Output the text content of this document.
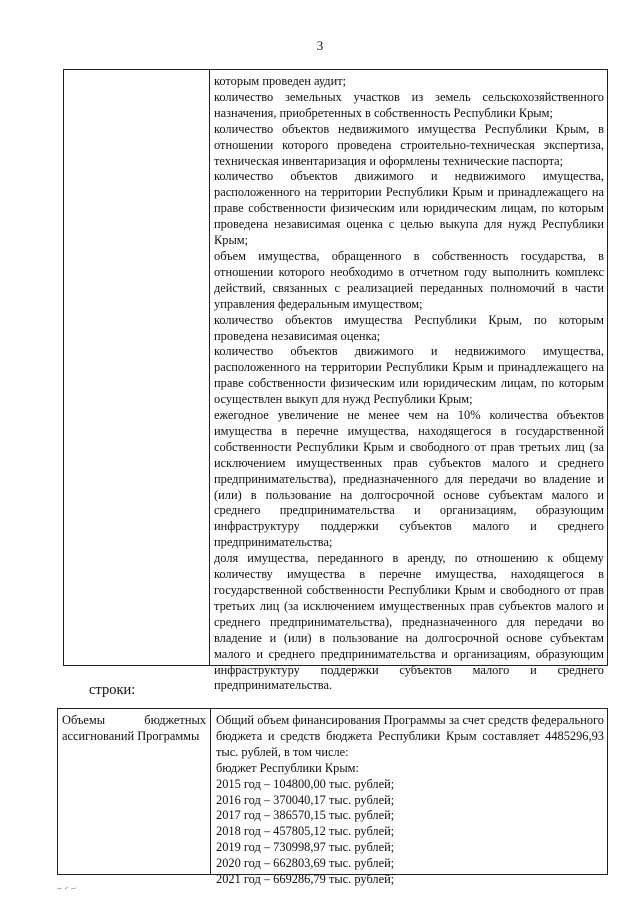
3
которым проведен аудит;
количество земельных участков из земель сельскохозяйственного назначения, приобретенных в собственность Республики Крым;
количество объектов недвижимого имущества Республики Крым, в отношении которого проведена строительно-техническая экспертиза, техническая инвентаризация и оформлены технические паспорта;
количество объектов движимого и недвижимого имущества, расположенного на территории Республики Крым и принадлежащего на праве собственности физическим или юридическим лицам, по которым проведена независимая оценка с целью выкупа для нужд Республики Крым;
объем имущества, обращенного в собственность государства, в отношении которого необходимо в отчетном году выполнить комплекс действий, связанных с реализацией переданных полномочий в части управления федеральным имуществом;
количество объектов имущества Республики Крым, по которым проведена независимая оценка;
количество объектов движимого и недвижимого имущества, расположенного на территории Республики Крым и принадлежащего на праве собственности физическим или юридическим лицам, по которым осуществлен выкуп для нужд Республики Крым;
ежегодное увеличение не менее чем на 10% количества объектов имущества в перечне имущества, находящегося в государственной собственности Республики Крым и свободного от прав третьих лиц (за исключением имущественных прав субъектов малого и среднего предпринимательства), предназначенного для передачи во владение и (или) в пользование на долгосрочной основе субъектам малого и среднего предпринимательства и организациям, образующим инфраструктуру поддержки субъектов малого и среднего предпринимательства;
доля имущества, переданного в аренду, по отношению к общему количеству имущества в перечне имущества, находящегося в государственной собственности Республики Крым и свободного от прав третьих лиц (за исключением имущественных прав субъектов малого и среднего предпринимательства), предназначенного для передачи во владение и (или) в пользование на долгосрочной основе субъектам малого и среднего предпринимательства и организациям, образующим инфраструктуру поддержки субъектов малого и среднего предпринимательства.
строки:
Объемы бюджетных ассигнований Программы
Общий объем финансирования Программы за счет средств федерального бюджета и средств бюджета Республики Крым составляет 4485296,93 тыс. рублей, в том числе:
бюджет Республики Крым:
2015 год – 104800,00 тыс. рублей;
2016 год – 370040,17 тыс. рублей;
2017 год – 386570,15 тыс. рублей;
2018 год – 457805,12 тыс. рублей;
2019 год – 730998,97 тыс. рублей;
2020 год – 662803,69 тыс. рублей;
2021 год – 669286,79 тыс. рублей;
